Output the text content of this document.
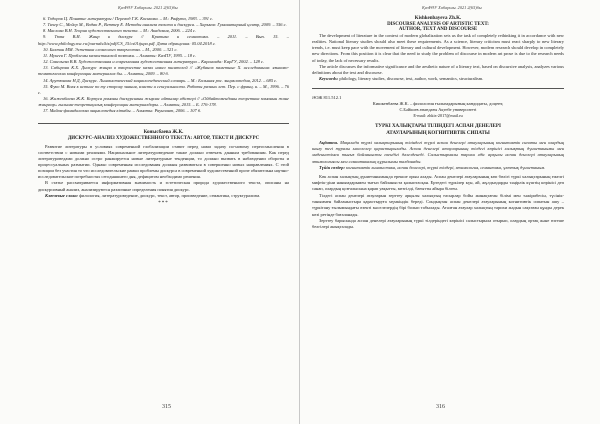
ҚазҰӨУ Хабаршы. 2021 2(65)бы

6. Тодоров Ц. Понятие литературы / Перевод Г.К. Косикова. – М.: Рафута, 1983. – 391 с.

7. Тичер С., Мейер М., Водак Р., Веттер Е. Методы анализа текста и дискурса. – Харьков: Гуманитарный центр, 2009. – 356 с.

8. Маслова В.Н. Теория художественного текста. – М.: Академия, 2006. – 224 с.

9. Тюпа В.И. Жанр и дискурс // Критика и семиотика. – 2011. – Вып. 15. – http://www.philology.nsc.ru/journals/kis/pdf/CS_15/cs01tjupa.pdf. Дата обращения: 05.04.2018 г.

10. Бахтин ММ. Эстетика словесного творчества. – М., 2000. – 321 с.

11. Мукеев Г. Проблемы казахстанской поэтики. – Алматы: КазПУ, 1995. – 18 с.

12. Савельева В.В. Художественная и современная художественная литература – Караганда: КарГУ, 2002. – 128 с.

13. Сабирова К.Х. Дискурс жанра в творчестве казах навел писателей // «Жубанов паметные Х. исследования: языково-тематических конференции материалах бы. – Алматы, 2009. – 80 б.

14. Арутюнова Н.Д. Дискурс. Лингвистический энциклопедический словарь. – М.: Большая рос. энциклопедия, 2012. – 685 с.

15. Фуко М. Воля к истине по ту сторону знания, власти и сексуальности. Работы разных лет. Пер. с франц. и. – М., 1996. – 76 с.

16. Жижекбаева Ж.К. Корпуса романы дискурсивны жырлас айтылар әдістері // «Ойбайтеменданы теоретика заманын жане жанрлар» ғылыми-теоретиқалық конференции материалдары. – Алматы, 2015. – Б. 176-178.

17. Майон-фамидалеква энциклопедия кітабы. – Алматы: Рауноант, 2006. – 107 б.

Конысбаева Ж.К.
ДИСКУРС-АНАЛИЗ ХУДОЖЕСТВЕННОГО ТЕКСТА: АВТОР, ТЕКСТ И ДИСКУРС

Развитие литературы в условиях современной глобализации ставит перед нами задачу по-новому переосмысления в соответствии с новыми реалиями. Национальное литературоведение также должно отвечать данным требованиям. Как перед литературоведами должно остро ранжируется новые литературные тенденции, то должно вызвать в наблюдении обороты и процессуальных размытии. Однако современная исследования должны развиваться в совершенно новых направлениях. С этой позиции без участия то что исследовательские рамки проблемы дискурса в современной художественной прозе обязательна научно-исследовательские потребностях сегодняшнего дня, дефицитом необходимо решения.

В статье рассматривается информативная значимость и эстетическая природа художественного текста, описаны на дискурсивный анализ, анализируются различные определения понятия дискурс.

Ключевые слова: филология, литературоведение, дискурс, текст, автор, произведение, семантика, структурализм.

***
315
ҚазҰӨУ Хабаршы. 2021 2(65)бы
Kishkenbayeva Zh.K.
DISCOURSE ANALYSIS OF ARTISTIC TEXT:
AUTHOR, TEXT AND DISCOURSE

The development of literature in the context of modern globalization sets us the task of completely rethinking it in accordance with new realities. National literary studies should also meet these requirements. As a science, literary criticism must react sharply to new literary trends, i.e. must keep pace with the movement of literary and cultural development. However, modern research should develop in completely new directions. From this position it is clear that the need to study the problem of discourse in modern art prose is due to the research needs of today, the lack of necessary results.

The article discusses the informative significance and the aesthetic nature of a literary text, based on discursive analysis, analyzes various definitions about the text and discourse.

Keywords: philology, literary studies, discourse, text, author, work, semantics, structuralism.

ӘОЖ 811.512.1
Кишкенбаева Ж.К. – филология ғылымдарының кандидаты, доцент,
С.Бәйішев атындағы Ақтөбе университеті
E-mail: zhkis-2017@mail.ru
ТУРКІ ХАЛЫҚТАРЫ ТІЛІНДЕГІ АСПАН ДЕНЕЛЕРІ
АТАУЛАРЫНЫҢ КОГНИТИВТІК СИПАТЫ

Аңдатпа. Мақалада түркі халықтарының тіліндегі түрлі аспан денелері атауларының когнитивтік сипаты мен олардың шығу тегі туралы мәселелер қарастырылады. Аспан денелері атауларының тілдегі көрінісі халықтың дүниетанымы мен мәдениетімен тығыз байланысты екендігі дәлелденеді. Салыстырмалы тарихи әдіс арқылы аспан денелері атауларының этимологиясы мен семантикалық құрылымы талданады.

Түйін сөздер: когнитивтік лингвистика, аспан денелері, түркі тілдері, этимология, семантика, ұлттық дүниетаным.

Көк аспан халықтың дүниетанымында ерекше орын алады. Аспан денелері атауларының көп бөлігі түркі халықтарының ежелгі мифтік-діни нанымдарымен тығыз байланыста қалыптасқан. Ертедегі түркілер күн, ай, жұлдыздарды тәңірлік күштің көрінісі деп санап, олардың қозғалысына қарап уақытты, мезгілді, бағытты айыра білген.

Тілдегі аспан денелері атауларын зерттеу арқылы халықтың ғасырлар бойы жинақтаған білімі мен тәжірибесін, түсінік-таныммен байланыстыра қарастыруға мүмкіндік береді. Сондықтан аспан денелері атауларының когнитивтік сипатын ашу – түркітану ғылымындағы өзекті мәселелердің бірі болып табылады. Аталған атаулар халықтың тарихи жадын сақтаған құнды дерек көзі ретінде бағаланады.

Зерттеу барысында аспан денелері атауларының түркі тілдеріндегі көрінісі салыстырыла отырып, олардың ортақ және өзгеше белгілері анықталады.

316
